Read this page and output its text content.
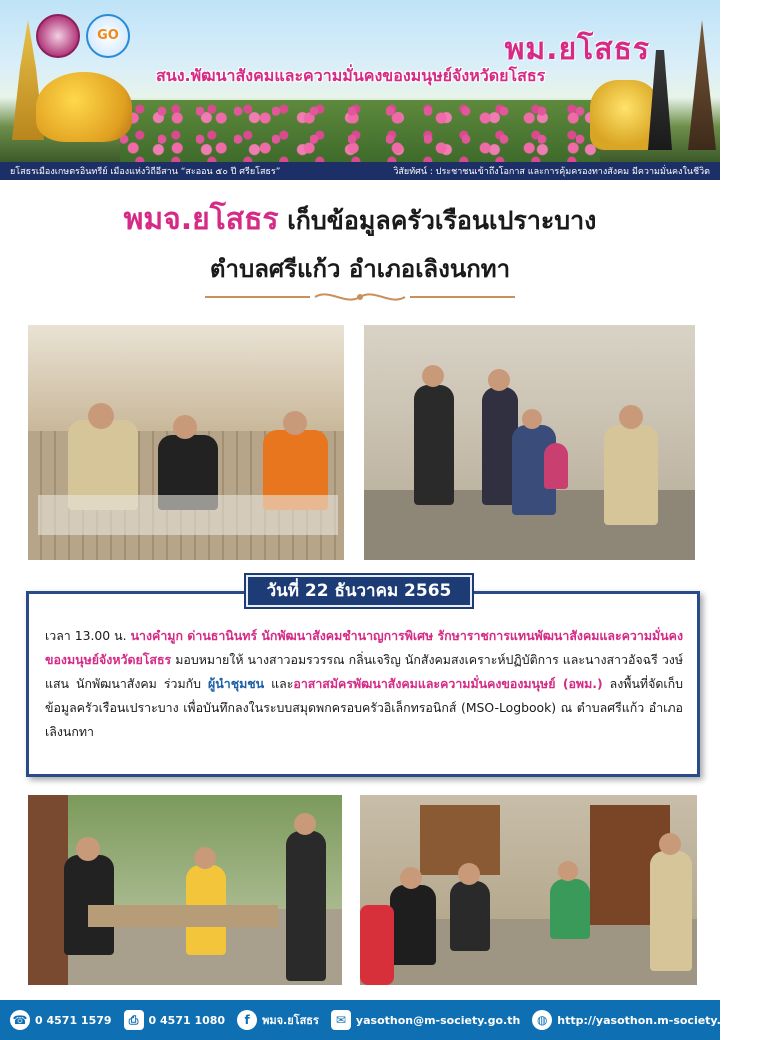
GO	พม.ยโสธร
สนง.พัฒนาสังคมและความมั่นคงของมนุษย์จังหวัดยโสธร
ยโสธรเมืองเกษตรอินทรีย์ เมืองแห่งวิถีอีสาน “สะออน ๕๐ ปี ศรียโสธร”	วิสัยทัศน์ : ประชาชนเข้าถึงโอกาส และการคุ้มครองทางสังคม มีความมั่นคงในชีวิต
พมจ.ยโสธร เก็บข้อมูลครัวเรือนเปราะบาง
ตำบลศรีแก้ว อำเภอเลิงนกทา
วันที่ 22 ธันวาคม 2565
เวลา 13.00 น. นางคำมูก ด่านธานินทร์ นักพัฒนาสังคมชำนาญการพิเศษ รักษาราชการแทนพัฒนาสังคมและความมั่นคงของมนุษย์จังหวัดยโสธร มอบหมายให้ นางสาวอมรวรรณ กลิ่นเจริญ นักสังคมสงเคราะห์ปฏิบัติการ และนางสาวอัจฉรี วงษ์แสน นักพัฒนาสังคม ร่วมกับ ผู้นำชุมชน และอาสาสมัครพัฒนาสังคมและความมั่นคงของมนุษย์ (อพม.) ลงพื้นที่จัดเก็บข้อมูลครัวเรือนเปราะบาง เพื่อบันทึกลงในระบบสมุดพกครอบครัวอิเล็กทรอนิกส์ (MSO-Logbook) ณ ตำบลศรีแก้ว อำเภอเลิงนกทา
☎ 0 4571 1579	⎙ 0 4571 1080	f	พมจ.ยโสธร	✉ yasothon@m-society.go.th	◍ http://yasothon.m-society.go.th/
